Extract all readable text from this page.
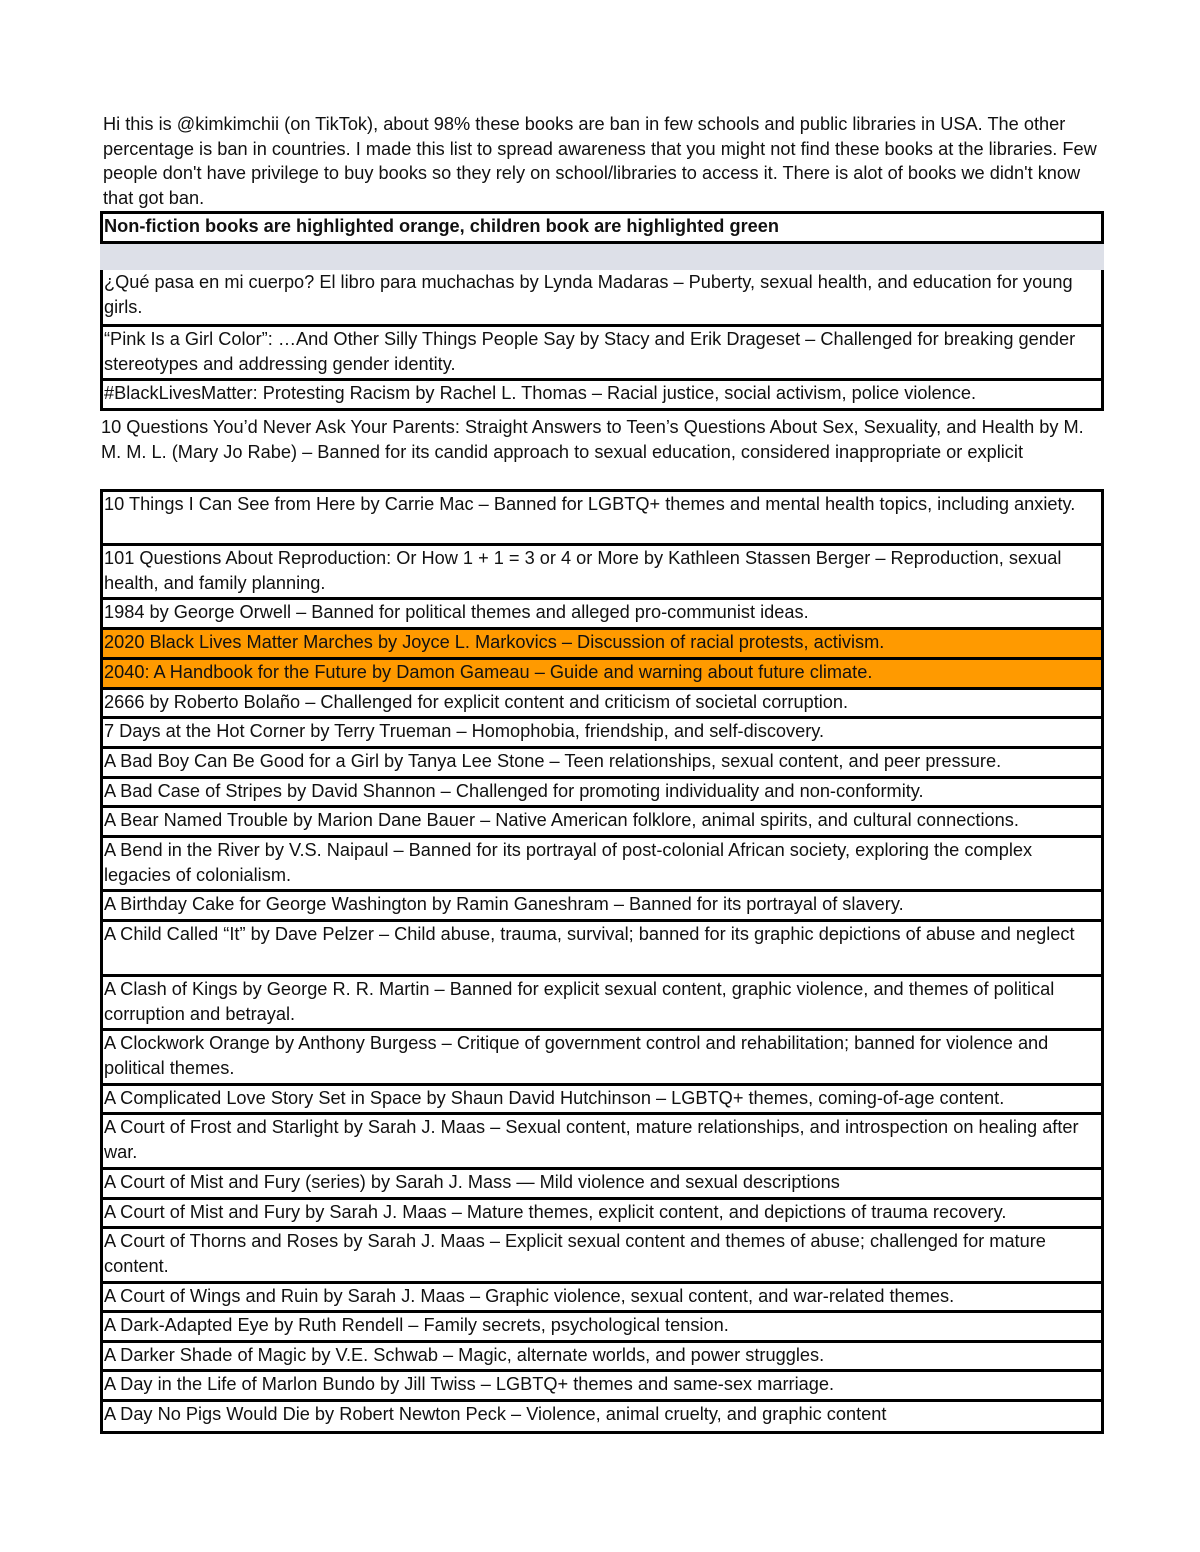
Hi this is @kimkimchii (on TikTok), about 98% these books are ban in few schools and public libraries in USA. The other percentage is ban in countries. I made this list to spread awareness that you might not find these books at the libraries. Few people don't have privilege to buy books so they rely on school/libraries to access it. There is alot of books we didn't know that got ban.

Non-fiction books are highlighted orange, children book are highlighted green
¿Qué pasa en mi cuerpo? El libro para muchachas by Lynda Madaras – Puberty, sexual health, and education for young girls.
“Pink Is a Girl Color”: …And Other Silly Things People Say by Stacy and Erik Drageset – Challenged for breaking gender stereotypes and addressing gender identity.
#BlackLivesMatter: Protesting Racism by Rachel L. Thomas – Racial justice, social activism, police violence.
10 Questions You’d Never Ask Your Parents: Straight Answers to Teen’s Questions About Sex, Sexuality, and Health by M. M. M. L. (Mary Jo Rabe) – Banned for its candid approach to sexual education, considered inappropriate or explicit
10 Things I Can See from Here by Carrie Mac – Banned for LGBTQ+ themes and mental health topics, including anxiety.
101 Questions About Reproduction: Or How 1 + 1 = 3 or 4 or More by Kathleen Stassen Berger – Reproduction, sexual health, and family planning.
1984 by George Orwell – Banned for political themes and alleged pro-communist ideas.
2020 Black Lives Matter Marches by Joyce L. Markovics – Discussion of racial protests, activism.
2040: A Handbook for the Future by Damon Gameau – Guide and warning about future climate.
2666 by Roberto Bolaño – Challenged for explicit content and criticism of societal corruption.
7 Days at the Hot Corner by Terry Trueman – Homophobia, friendship, and self-discovery.
A Bad Boy Can Be Good for a Girl by Tanya Lee Stone – Teen relationships, sexual content, and peer pressure.
A Bad Case of Stripes by David Shannon – Challenged for promoting individuality and non-conformity.
A Bear Named Trouble by Marion Dane Bauer – Native American folklore, animal spirits, and cultural connections.
A Bend in the River by V.S. Naipaul – Banned for its portrayal of post-colonial African society, exploring the complex legacies of colonialism.
A Birthday Cake for George Washington by Ramin Ganeshram – Banned for its portrayal of slavery.
A Child Called “It” by Dave Pelzer – Child abuse, trauma, survival; banned for its graphic depictions of abuse and neglect
A Clash of Kings by George R. R. Martin – Banned for explicit sexual content, graphic violence, and themes of political corruption and betrayal.
A Clockwork Orange by Anthony Burgess – Critique of government control and rehabilitation; banned for violence and political themes.
A Complicated Love Story Set in Space by Shaun David Hutchinson – LGBTQ+ themes, coming-of-age content.
A Court of Frost and Starlight by Sarah J. Maas – Sexual content, mature relationships, and introspection on healing after war.
A Court of Mist and Fury (series) by Sarah J. Mass — Mild violence and sexual descriptions
A Court of Mist and Fury by Sarah J. Maas – Mature themes, explicit content, and depictions of trauma recovery.
A Court of Thorns and Roses by Sarah J. Maas – Explicit sexual content and themes of abuse; challenged for mature content.
A Court of Wings and Ruin by Sarah J. Maas – Graphic violence, sexual content, and war-related themes.
A Dark-Adapted Eye by Ruth Rendell – Family secrets, psychological tension.
A Darker Shade of Magic by V.E. Schwab – Magic, alternate worlds, and power struggles.
A Day in the Life of Marlon Bundo by Jill Twiss – LGBTQ+ themes and same-sex marriage.
A Day No Pigs Would Die by Robert Newton Peck – Violence, animal cruelty, and graphic content
